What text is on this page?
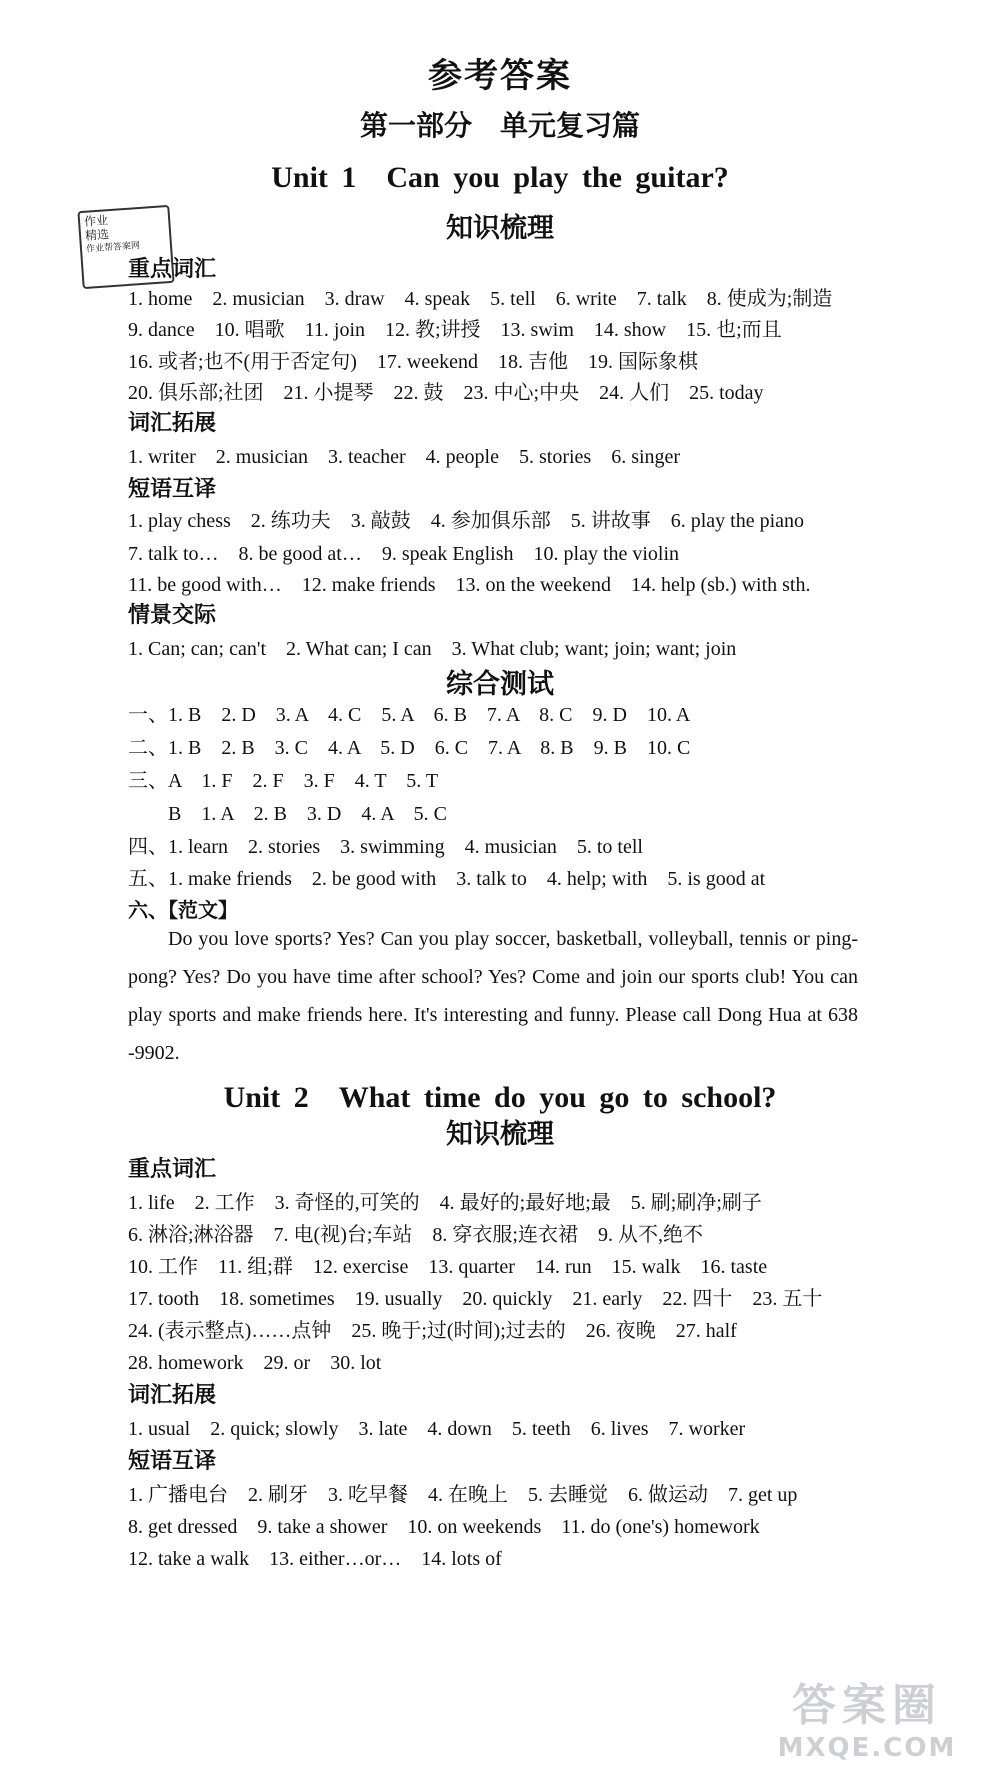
参考答案
第一部分　单元复习篇
Unit 1　Can you play the guitar?
知识梳理
作业
精选
作业帮答案网
重点词汇
1. home　2. musician　3. draw　4. speak　5. tell　6. write　7. talk　8. 使成为;制造
9. dance　10. 唱歌　11. join　12. 教;讲授　13. swim　14. show　15. 也;而且
16. 或者;也不(用于否定句)　17. weekend　18. 吉他　19. 国际象棋
20. 俱乐部;社团　21. 小提琴　22. 鼓　23. 中心;中央　24. 人们　25. today
词汇拓展
1. writer　2. musician　3. teacher　4. people　5. stories　6. singer
短语互译
1. play chess　2. 练功夫　3. 敲鼓　4. 参加俱乐部　5. 讲故事　6. play the piano
7. talk to…　8. be good at…　9. speak English　10. play the violin
11. be good with…　12. make friends　13. on the weekend　14. help (sb.) with sth.
情景交际
1. Can; can; can't　2. What can; I can　3. What club; want; join; want; join
综合测试
一、1. B　2. D　3. A　4. C　5. A　6. B　7. A　8. C　9. D　10. A
二、1. B　2. B　3. C　4. A　5. D　6. C　7. A　8. B　9. B　10. C
三、A　1. F　2. F　3. F　4. T　5. T
　　B　1. A　2. B　3. D　4. A　5. C
四、1. learn　2. stories　3. swimming　4. musician　5. to tell
五、1. make friends　2. be good with　3. talk to　4. help; with　5. is good at
六、【范文】
Do you love sports? Yes? Can you play soccer, basketball, volleyball, tennis or ping-pong? Yes? Do you have time after school? Yes? Come and join our sports club! You can play sports and make friends here. It's interesting and funny. Please call Dong Hua at 638 -9902.
Unit 2　What time do you go to school?
知识梳理
重点词汇
1. life　2. 工作　3. 奇怪的,可笑的　4. 最好的;最好地;最　5. 刷;刷净;刷子
6. 淋浴;淋浴器　7. 电(视)台;车站　8. 穿衣服;连衣裙　9. 从不,绝不
10. 工作　11. 组;群　12. exercise　13. quarter　14. run　15. walk　16. taste
17. tooth　18. sometimes　19. usually　20. quickly　21. early　22. 四十　23. 五十
24. (表示整点)……点钟　25. 晚于;过(时间);过去的　26. 夜晚　27. half
28. homework　29. or　30. lot
词汇拓展
1. usual　2. quick; slowly　3. late　4. down　5. teeth　6. lives　7. worker
短语互译
1. 广播电台　2. 刷牙　3. 吃早餐　4. 在晚上　5. 去睡觉　6. 做运动　7. get up
8. get dressed　9. take a shower　10. on weekends　11. do (one's) homework
12. take a walk　13. either…or…　14. lots of
答案圈
MXQE.COM
